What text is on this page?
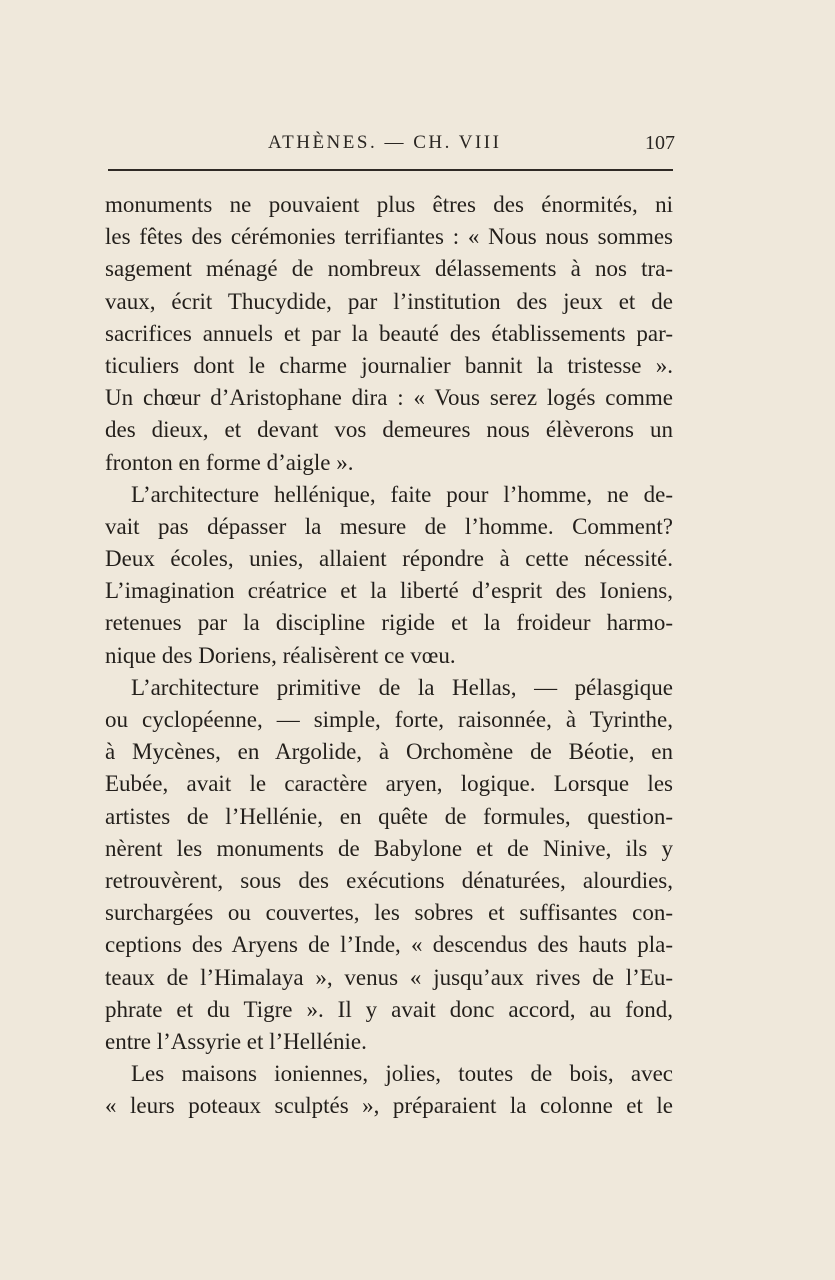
ATHÈNES. — CH. VIII	107
monuments ne pouvaient plus êtres des énormités, ni
les fêtes des cérémonies terrifiantes : « Nous nous sommes
sagement ménagé de nombreux délassements à nos tra-
vaux, écrit Thucydide, par l’institution des jeux et de
sacrifices annuels et par la beauté des établissements par-
ticuliers dont le charme journalier bannit la tristesse ».
Un chœur d’Aristophane dira : « Vous serez logés comme
des dieux, et devant vos demeures nous élèverons un
fronton en forme d’aigle ».
L’architecture hellénique, faite pour l’homme, ne de-
vait pas dépasser la mesure de l’homme. Comment?
Deux écoles, unies, allaient répondre à cette nécessité.
L’imagination créatrice et la liberté d’esprit des Ioniens,
retenues par la discipline rigide et la froideur harmo-
nique des Doriens, réalisèrent ce vœu.
L’architecture primitive de la Hellas, — pélasgique
ou cyclopéenne, — simple, forte, raisonnée, à Tyrinthe,
à Mycènes, en Argolide, à Orchomène de Béotie, en
Eubée, avait le caractère aryen, logique. Lorsque les
artistes de l’Hellénie, en quête de formules, question-
nèrent les monuments de Babylone et de Ninive, ils y
retrouvèrent, sous des exécutions dénaturées, alourdies,
surchargées ou couvertes, les sobres et suffisantes con-
ceptions des Aryens de l’Inde, « descendus des hauts pla-
teaux de l’Himalaya », venus « jusqu’aux rives de l’Eu-
phrate et du Tigre ». Il y avait donc accord, au fond,
entre l’Assyrie et l’Hellénie.
Les maisons ioniennes, jolies, toutes de bois, avec
« leurs poteaux sculptés », préparaient la colonne et le
